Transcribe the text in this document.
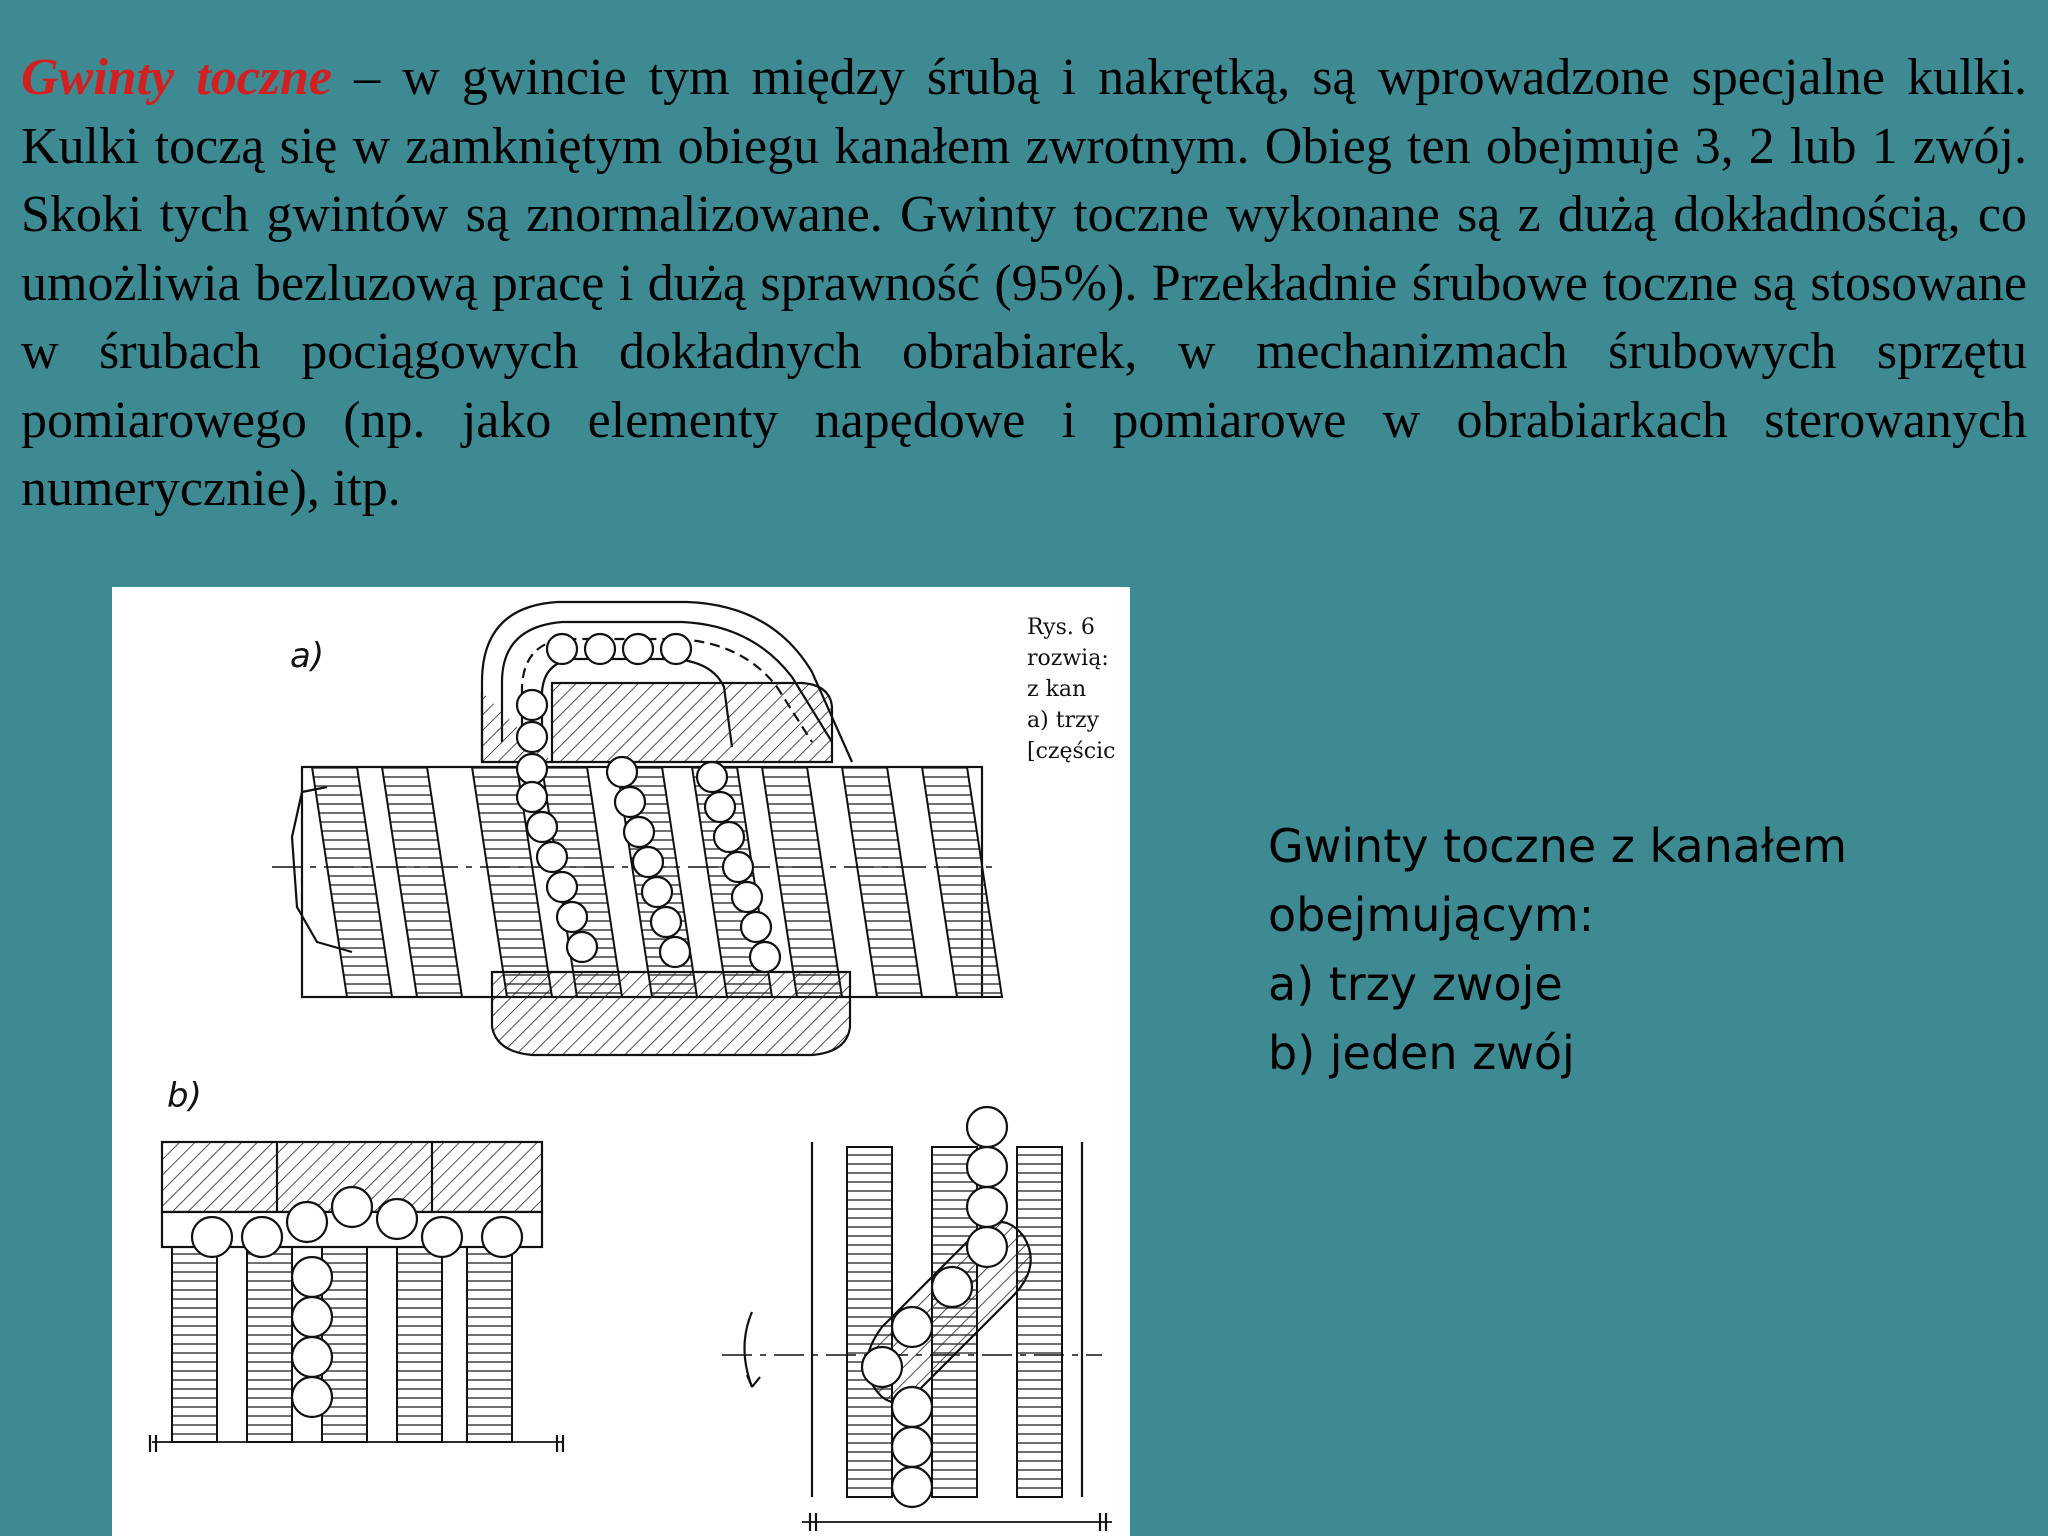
Gwinty toczne – w gwincie tym między śrubą i nakrętką, są wprowadzone specjalne kulki. Kulki toczą się w zamkniętym obiegu kanałem zwrotnym. Obieg ten obejmuje 3, 2 lub 1 zwój. Skoki tych gwintów są znormalizowane. Gwinty toczne wykonane są z dużą dokładnością, co umożliwia bezluzową pracę i dużą sprawność (95%). Przekładnie śrubowe toczne są stosowane w śrubach pociągowych dokładnych obrabiarek, w mechanizmach śrubowych sprzętu pomiarowego (np. jako elementy napędowe i pomiarowe w obrabiarkach sterowanych numerycznie), itp.

a)
b)
Rys. 6
rozwią:
z kan
a) trzy
[częścic
Gwinty toczne z kanałem
obejmującym:
a) trzy zwoje
b) jeden zwój
